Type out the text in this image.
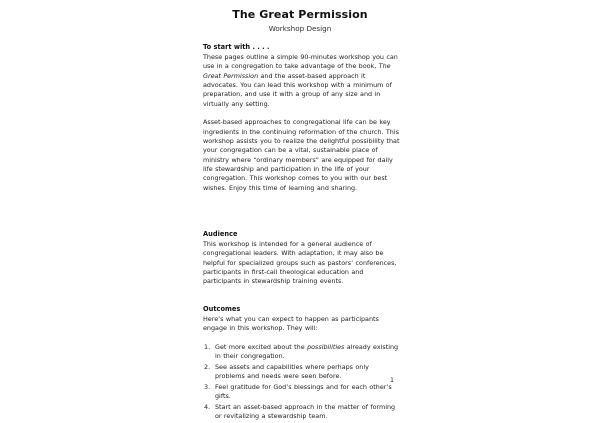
The Great Permission
Workshop Design
To start with . . . .

These pages outline a simple 90-minutes workshop you can use in a congregation to take advantage of the book, The Great Permission and the asset-based approach it advocates. You can lead this workshop with a minimum of preparation, and use it with a group of any size and in virtually any setting.

Asset-based approaches to congregational life can be key ingredients in the continuing reformation of the church. This workshop assists you to realize the delightful possibility that your congregation can be a vital, sustainable place of ministry where “ordinary members” are equipped for daily life stewardship and participation in the life of your congregation. This workshop comes to you with our best wishes. Enjoy this time of learning and sharing.

Audience

This workshop is intended for a general audience of congregational leaders. With adaptation, it may also be helpful for specialized groups such as pastors’ conferences, participants in first-call theological education and participants in stewardship training events.

Outcomes

Here’s what you can expect to happen as participants engage in this workshop. They will:

Get more excited about the possibilities already existing in their congregation.
See assets and capabilities where perhaps only problems and needs were seen before.
Feel gratitude for God’s blessings and for each other’s gifts.
Start an asset-based approach in the matter of forming or revitalizing a stewardship team.
1
